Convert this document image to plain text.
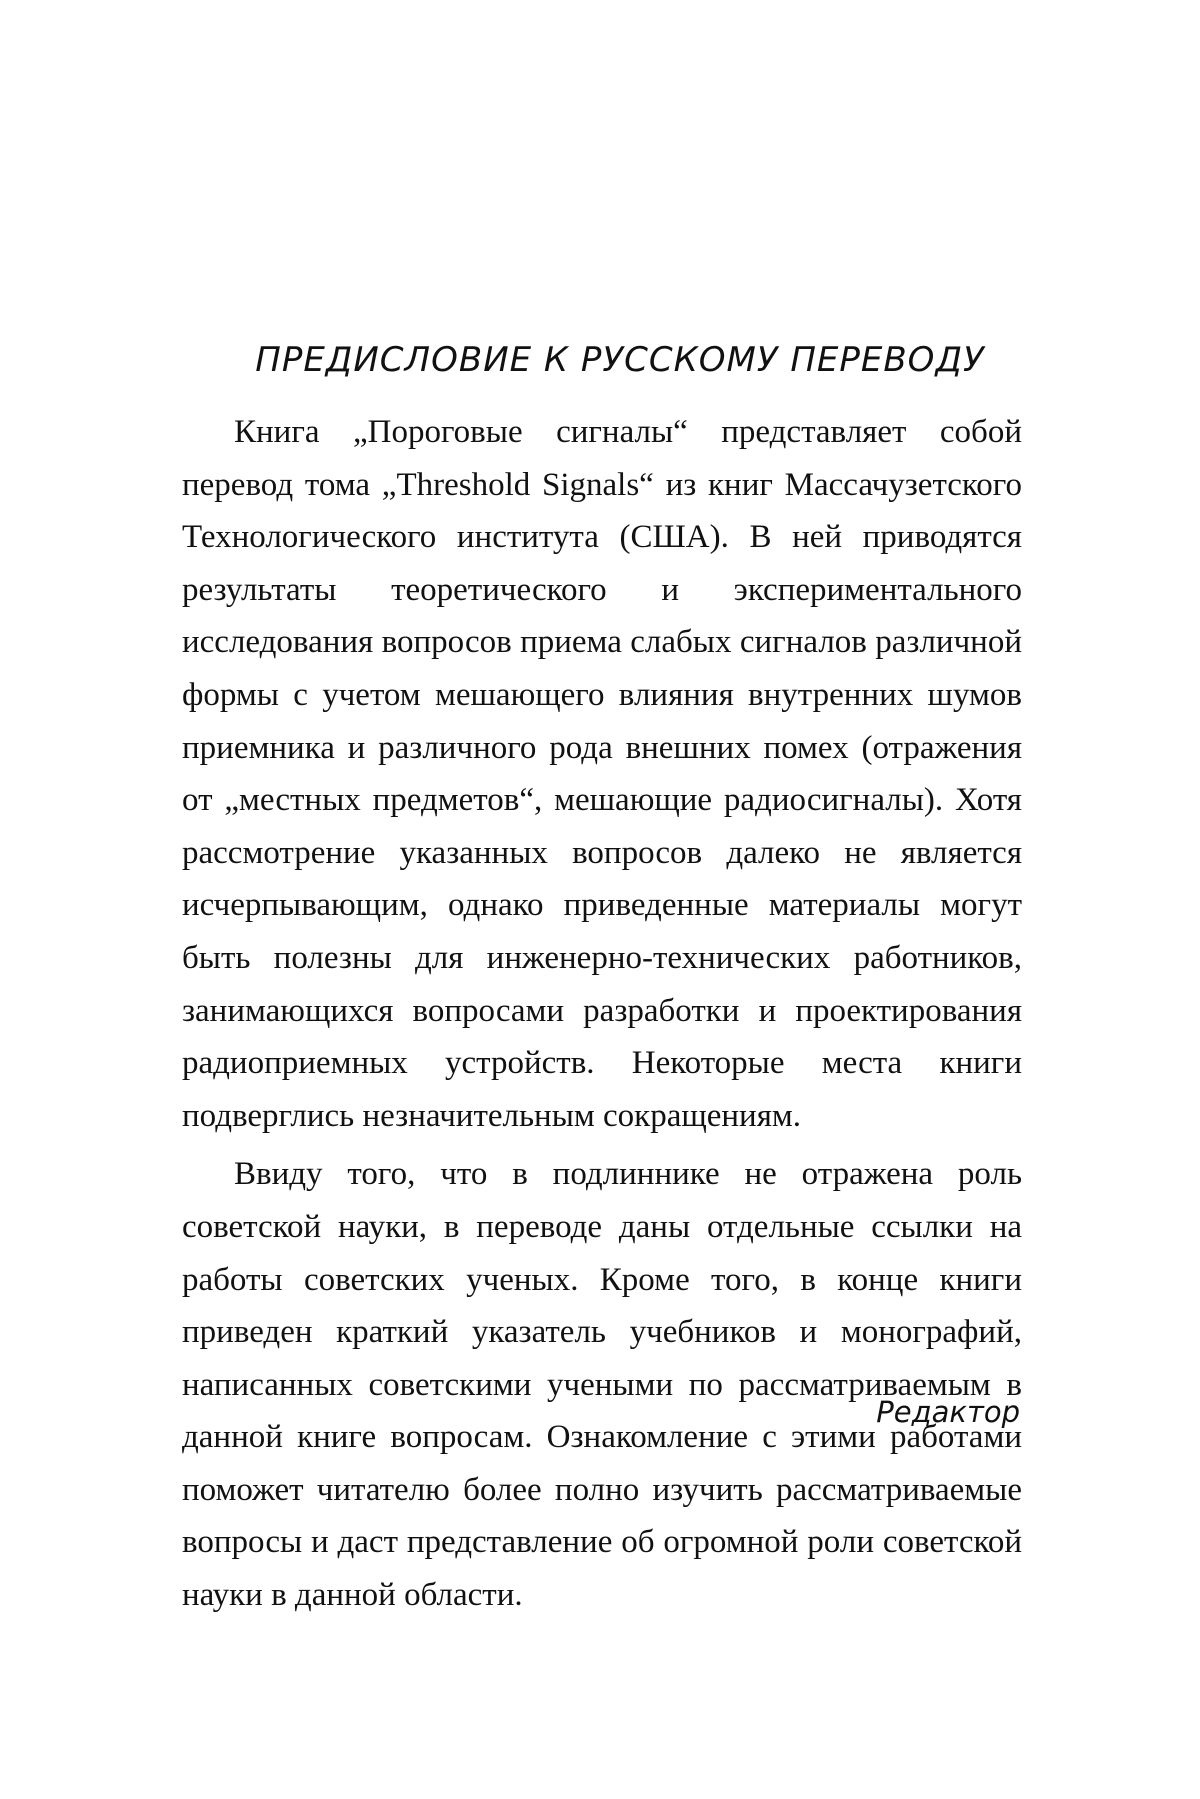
ПРЕДИСЛОВИЕ К РУССКОМУ ПЕРЕВОДУ

Книга „Пороговые сигналы“ представляет собой перевод тома „Threshold Signals“ из книг Массачузетского Технологического института (США). В ней приводятся результаты теоретического и экспериментального исследования вопросов приема слабых сигналов различной формы с учетом мешающего влияния внутренних шумов приемника и различного рода внешних помех (отражения от „местных предметов“, мешающие радиосигналы). Хотя рассмотрение указанных вопросов далеко не является исчерпывающим, однако приведенные материалы могут быть полезны для инженерно-технических работников, занимающихся вопросами разработки и проектирования радиоприемных устройств. Некоторые места книги подверглись незначительным сокращениям.

Ввиду того, что в подлиннике не отражена роль советской науки, в переводе даны отдельные ссылки на работы советских ученых. Кроме того, в конце книги приведен краткий указатель учебников и монографий, написанных советскими учеными по рассматриваемым в данной книге вопросам. Ознакомление с этими работами поможет читателю более полно изучить рассматриваемые вопросы и даст представление об огромной роли советской науки в данной области.

Редактор
